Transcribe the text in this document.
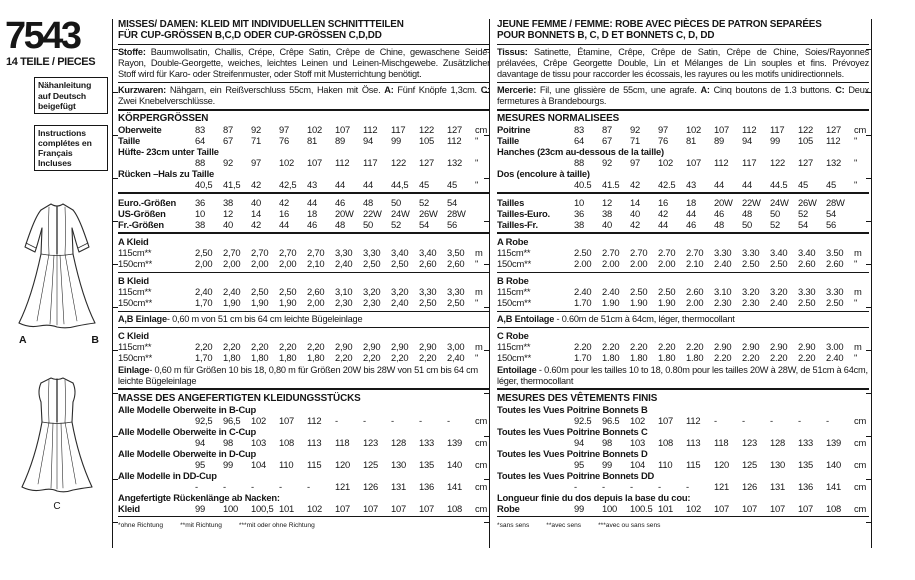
7543
14 TEILE / PIECES
Nähanleitung auf Deutsch beigefügt
Instructions complétes en Français Incluses
A	B
C
MISSES/ DAMEN: KLEID MIT INDIVIDUELLEN SCHNITTTEILEN
FÜR CUP-GRÖSSEN B,C,D ODER CUP-GRÖSSEN C,D,DD

Stoffe: Baumwollsatin, Challis, Crépe, Crêpe Satin, Crêpe de Chine, gewaschene Seide-Rayon, Double-Georgette, weiches, leichtes Leinen und Leinen-Mischgewebe. Zusätzlicher Stoff wird für Karo- oder Streifenmuster, oder Stoff mit Musterrichtung benötigt.

Kurzwaren: Nähgarn, ein Reißverschluss 55cm, Haken mit Öse. A: Fünf Knöpfe 1,3cm. C: Zwei Knebelverschlüsse.

KÖRPERGRÖSSEN
Oberweite	83	87	92	97	102	107	112	117	122	127	cm
Taille	64	67	71	76	81	89	94	99	105	112	"
Hüfte- 23cm unter Taille
88	92	97	102	107	112	117	122	127	132	"
Rücken –Hals zu Taille
40,5	41,5	42	42,5	43	44	44	44,5	45	45	"
Euro.-Größen	36	38	40	42	44	46	48	50	52	54
US-Größen	10	12	14	16	18	20W 22W 24W 26W 28W
Fr.-Größen	38	40	42	44	46	48	50	52	54	56
A Kleid
115cm**	2,50	2,70	2,70	2,70	2,70	3,30	3,30	3,40	3,40	3,50	m
150cm**	2,00	2,00	2,00	2,00	2,10	2,40	2,50	2,50	2,60	2,60	"
B Kleid
115cm**	2,40	2,40	2,50	2,50	2,60	3,10	3,20	3,20	3,30	3,30	m
150cm**	1,70	1,90	1,90	1,90	2,00	2,30	2,30	2,40	2,50	2,50	"

A,B Einlage- 0,60 m von 51 cm bis 64 cm leichte Bügeleinlage

C Kleid
115cm**	2,20	2,20	2,20	2,20	2,20	2,90	2,90	2,90	2,90	3,00	m
150cm**	1,70	1,80	1,80	1,80	1,80	2,20	2,20	2,20	2,20	2,40	"

Einlage- 0,60 m für Größen 10 bis 18, 0,80 m für Größen 20W bis 28W von 51 cm bis 64 cm leichte Bügeleinlage

MASSE DES ANGEFERTIGTEN KLEIDUNGSSTÜCKS
Alle Modelle Oberweite in B-Cup
92,5	96,5	102	107	112	-	-	-	-	-	cm
Alle Modelle Oberweite in C-Cup
94	98	103	108	113	118	123	128	133	139	cm
Alle Modelle Oberweite in D-Cup
95	99	104	110	115	120	125	130	135	140	cm
Alle Modelle in DD-Cup
-	-	-	-	-	121	126	131	136	141	cm
Angefertigte Rückenlänge ab Nacken:
Kleid	99	100	100,5 101	102	107	107	107	107	108	cm
*ohne Richtung	**mit Richtung	***mit oder ohne Richtung
JEUNE FEMME / FEMME: ROBE AVEC PIÈCES DE PATRON SEPARÉES
POUR BONNETS B, C, D ET BONNETS C, D, DD

Tissus: Satinette, Étamine, Crêpe, Crêpe de Satin, Crêpe de Chine, Soies/Rayonnes prélavées, Crêpe Georgette Double, Lin et Mélanges de Lin souples et fins. Prévoyez davantage de tissu pour raccorder les écossais, les rayures ou les motifs unidirectionnels.

Mercerie: Fil, une glissière de 55cm, une agrafe. A: Cinq boutons de 1.3 buttons. C: Deux fermetures à Brandebourgs.

MESURES NORMALISEES
Poitrine	83	87	92	97	102	107	112	117	122	127	cm
Taille	64	67	71	76	81	89	94	99	105	112	"
Hanches (23cm au-dessous de la taille)
88	92	97	102	107	112	117	122	127	132	"
Dos (encolure à taille)
40.5	41.5	42	42.5	43	44	44	44.5	45	45	"
Tailles	10	12	14	16	18	20W 22W 24W 26W 28W
Tailles-Euro.	36	38	40	42	44	46	48	50	52	54
Tailles-Fr.	38	40	42	44	46	48	50	52	54	56
A Robe
115cm**	2.50	2.70	2.70	2.70	2.70	3.30	3.30	3.40	3.40	3.50	m
150cm**	2.00	2.00	2.00	2.00	2.10	2.40	2.50	2.50	2.60	2.60	"
B Robe
115cm**	2.40	2.40	2.50	2.50	2.60	3.10	3.20	3.20	3.30	3.30	m
150cm**	1.70	1.90	1.90	1.90	2.00	2.30	2.30	2.40	2.50	2.50	"

A,B Entoilage - 0.60m de 51cm à 64cm, léger, thermocollant

C Robe
115cm**	2.20	2.20	2.20	2.20	2.20	2.90	2.90	2.90	2.90	3.00	m
150cm**	1.70	1.80	1.80	1.80	1.80	2.20	2.20	2.20	2.20	2.40	"

Entoilage - 0.60m pour les tailles 10 to 18, 0.80m pour les tailles 20W à 28W, de 51cm à 64cm, léger, thermocollant

MESURES DES VÊTEMENTS FINIS
Toutes les Vues Poitrine Bonnets B
92.5	96.5	102	107	112	-	-	-	-	-	cm
Toutes les Vues Poitrine Bonnets C
94	98	103	108	113	118	123	128	133	139	cm
Toutes les Vues Poitrine Bonnets D
95	99	104	110	115	120	125	130	135	140	cm
Toutes les Vues Poitrine Bonnets DD
-	-	-	-	-	121	126	131	136	141	cm
Longueur finie du dos depuis la base du cou:
Robe	99	100	100.5 101	102	107	107	107	107	108	cm
*sans sens	**avec sens	***avec ou sans sens
